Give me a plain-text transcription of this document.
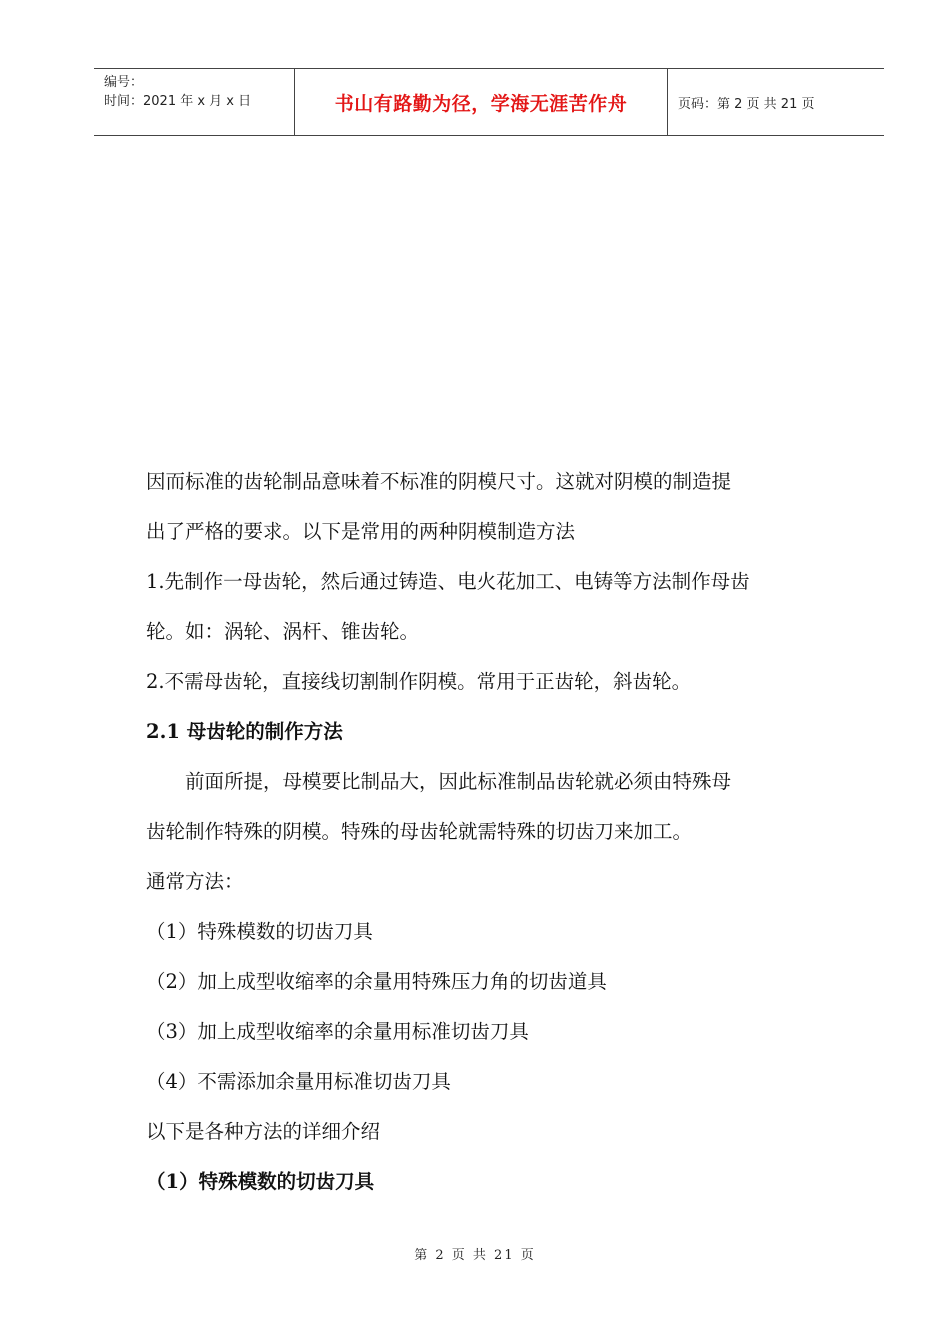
编号：
时间：2021 年 x 月 x 日	书山有路勤为径，学海无涯苦作舟	页码：第 2 页 共 21 页
因而标准的齿轮制品意味着不标准的阴模尺寸。这就对阴模的制造提
出了严格的要求。以下是常用的两种阴模制造方法
1.先制作一母齿轮，然后通过铸造、电火花加工、电铸等方法制作母齿
轮。如：涡轮、涡杆、锥齿轮。
2.不需母齿轮，直接线切割制作阴模。常用于正齿轮，斜齿轮。
2.1 母齿轮的制作方法
　　前面所提，母模要比制品大，因此标准制品齿轮就必须由特殊母
齿轮制作特殊的阴模。特殊的母齿轮就需特殊的切齿刀来加工。
通常方法：
（1）特殊模数的切齿刀具
（2）加上成型收缩率的余量用特殊压力角的切齿道具
（3）加上成型收缩率的余量用标准切齿刀具
（4）不需添加余量用标准切齿刀具
以下是各种方法的详细介绍
（1）特殊模数的切齿刀具
第 2 页 共 21 页
